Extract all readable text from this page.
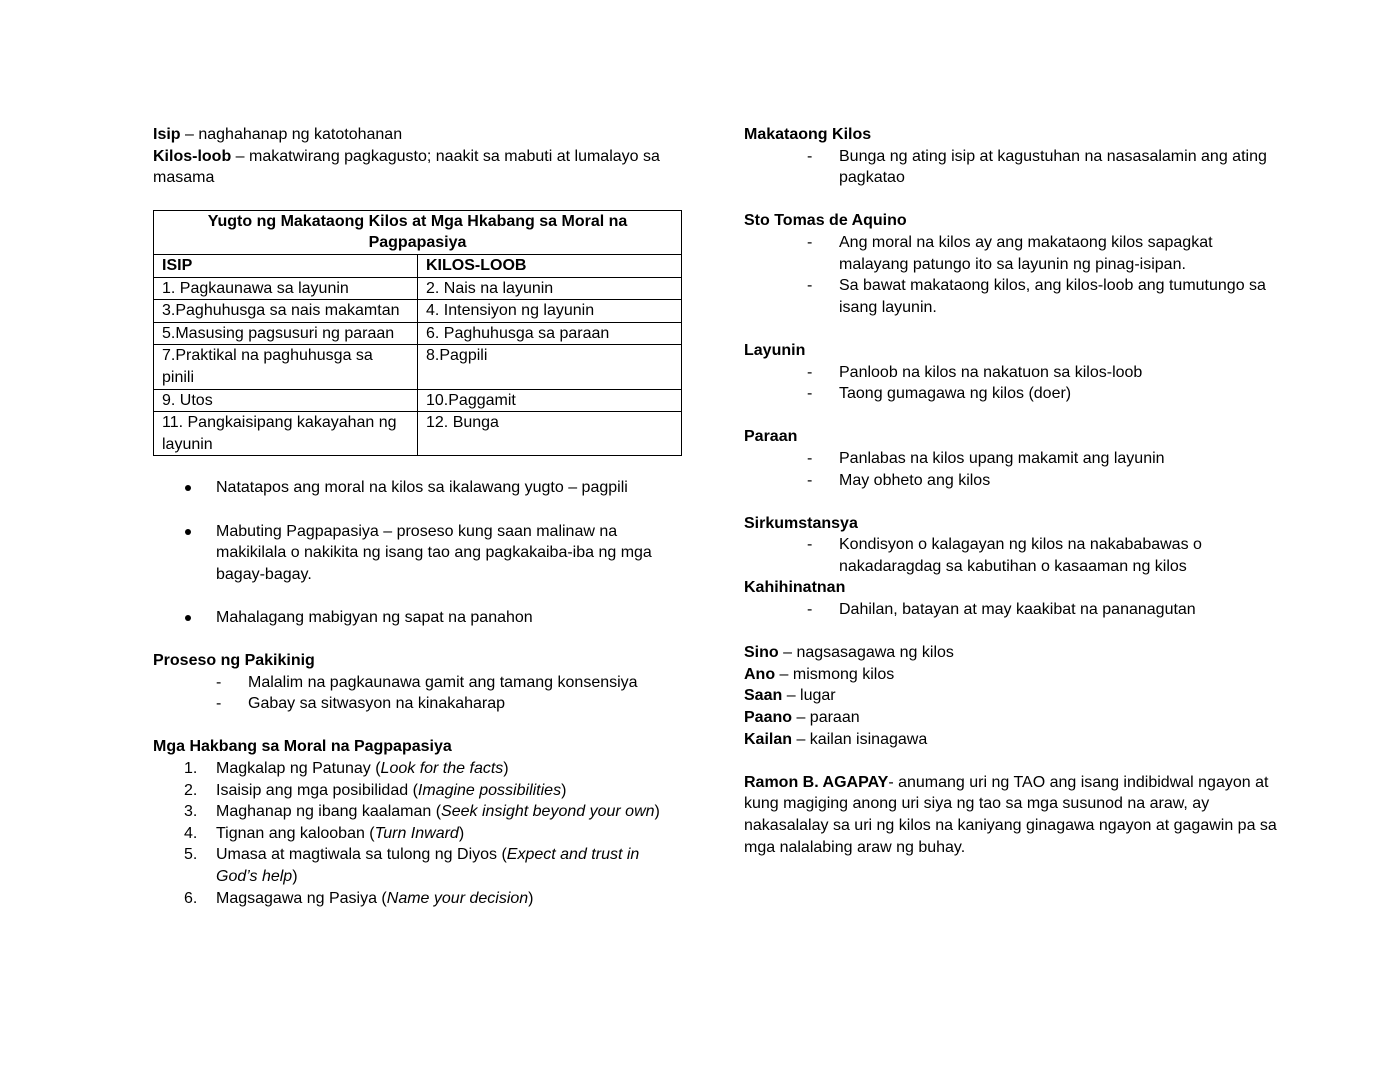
Isip – naghahanap ng katotohanan

Kilos-loob – makatwirang pagkagusto; naakit sa mabuti at lumalayo sa masama

Yugto ng Makataong Kilos at Mga Hkabang sa Moral na Pagpapasiya	
ISIP	KILOS-LOOB
1. Pagkaunawa sa layunin	2. Nais na layunin
3.Paghuhusga sa nais makamtan	4. Intensiyon ng layunin
5.Masusing pagsusuri ng paraan	6. Paghuhusga sa paraan
7.Praktikal na paghuhusga sa pinili	8.Pagpili
9. Utos	10.Paggamit
11. Pangkaisipang kakayahan ng layunin	12. Bunga
Natatapos ang moral na kilos sa ikalawang yugto – pagpili
Mabuting Pagpapasiya – proseso kung saan malinaw na makikilala o nakikita ng isang tao ang pagkakaiba-iba ng mga bagay-bagay.
Mahalagang mabigyan ng sapat na panahon

Proseso ng Pakikinig

- Malalim na pagkaunawa gamit ang tamang konsensiya
- Gabay sa sitwasyon na kinakaharap

Mga Hakbang sa Moral na Pagpapasiya

1. Magkalap ng Patunay (Look for the facts)
2. Isaisip ang mga posibilidad (Imagine possibilities)
3. Maghanap ng ibang kaalaman (Seek insight beyond your own)
4. Tignan ang kalooban (Turn Inward)
5. Umasa at magtiwala sa tulong ng Diyos (Expect and trust in God’s help)
6. Magsagawa ng Pasiya (Name your decision)

Makataong Kilos

- Bunga ng ating isip at kagustuhan na nasasalamin ang ating pagkatao

Sto Tomas de Aquino

- Ang moral na kilos ay ang makataong kilos sapagkat malayang patungo ito sa layunin ng pinag-isipan.
- Sa bawat makataong kilos, ang kilos-loob ang tumutungo sa isang layunin.

Layunin

- Panloob na kilos na nakatuon sa kilos-loob
- Taong gumagawa ng kilos (doer)

Paraan

- Panlabas na kilos upang makamit ang layunin
- May obheto ang kilos

Sirkumstansya

- Kondisyon o kalagayan ng kilos na nakababawas o nakadaragdag sa kabutihan o kasaaman ng kilos

Kahihinatnan

- Dahilan, batayan at may kaakibat na pananagutan

Sino – nagsasagawa ng kilos

Ano – mismong kilos

Saan – lugar

Paano – paraan

Kailan – kailan isinagawa

Ramon B. AGAPAY- anumang uri ng TAO ang isang indibidwal ngayon at kung magiging anong uri siya ng tao sa mga susunod na araw, ay nakasalalay sa uri ng kilos na kaniyang ginagawa ngayon at gagawin pa sa mga nalalabing araw ng buhay.
